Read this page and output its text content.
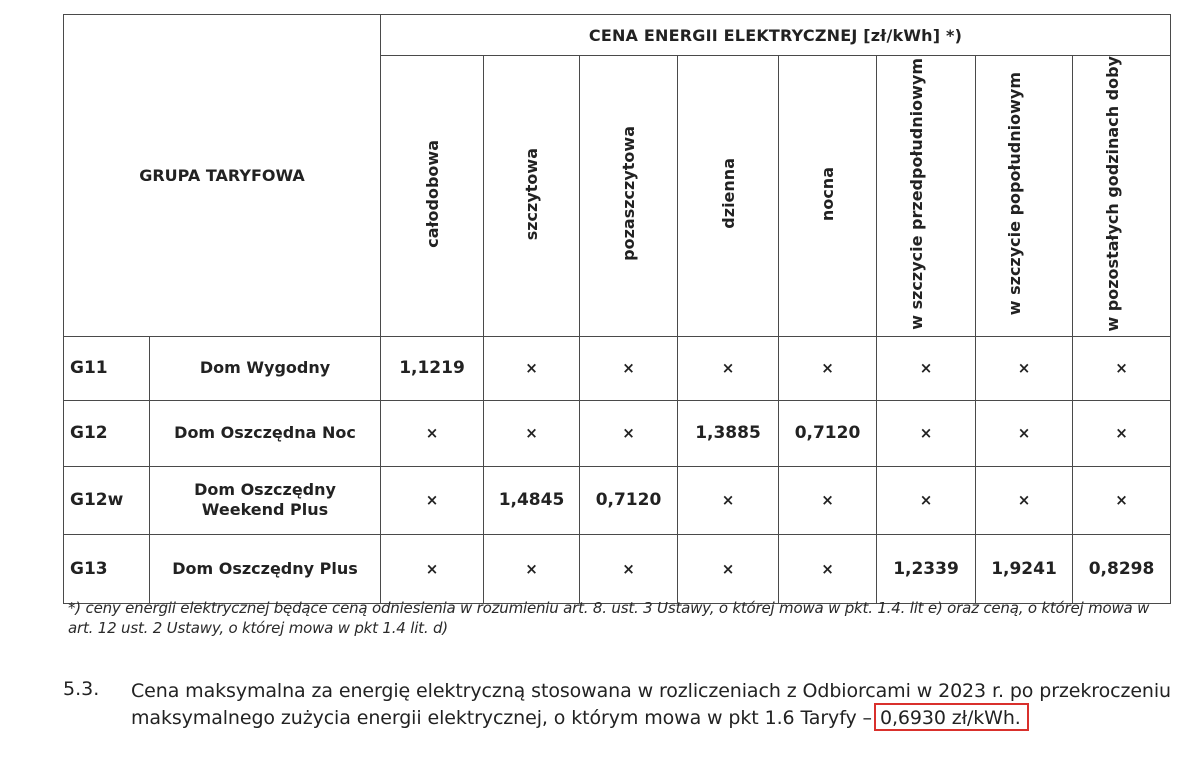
GRUPA TARYFOWA		CENA ENERGII ELEKTRYCZNEJ [zł/kWh] *)							
		całodobowa	szczytowa	pozaszczytowa	dzienna	nocna	w szczycie przedpołudniowym	w szczycie popołudniowym	w pozostałych godzinach doby
G11	Dom Wygodny	1,1219	×	×	×	×	×	×	×
G12	Dom Oszczędna Noc	×	×	×	1,3885	0,7120	×	×	×
G12w	Dom Oszczędny Weekend Plus	×	1,4845	0,7120	×	×	×	×	×
G13	Dom Oszczędny Plus	×	×	×	×	×	1,2339	1,9241	0,8298
*) ceny energii elektrycznej będące ceną odniesienia w rozumieniu art. 8. ust. 3 Ustawy, o której mowa w pkt. 1.4. lit e) oraz ceną, o której mowa w art. 12 ust. 2 Ustawy, o której mowa w pkt 1.4 lit. d)
5.3. Cena maksymalna za energię elektryczną stosowana w rozliczeniach z Odbiorcami w 2023 r. po przekroczeniu maksymalnego zużycia energii elektrycznej, o którym mowa w pkt 1.6 Taryfy – 0,6930 zł/kWh.
